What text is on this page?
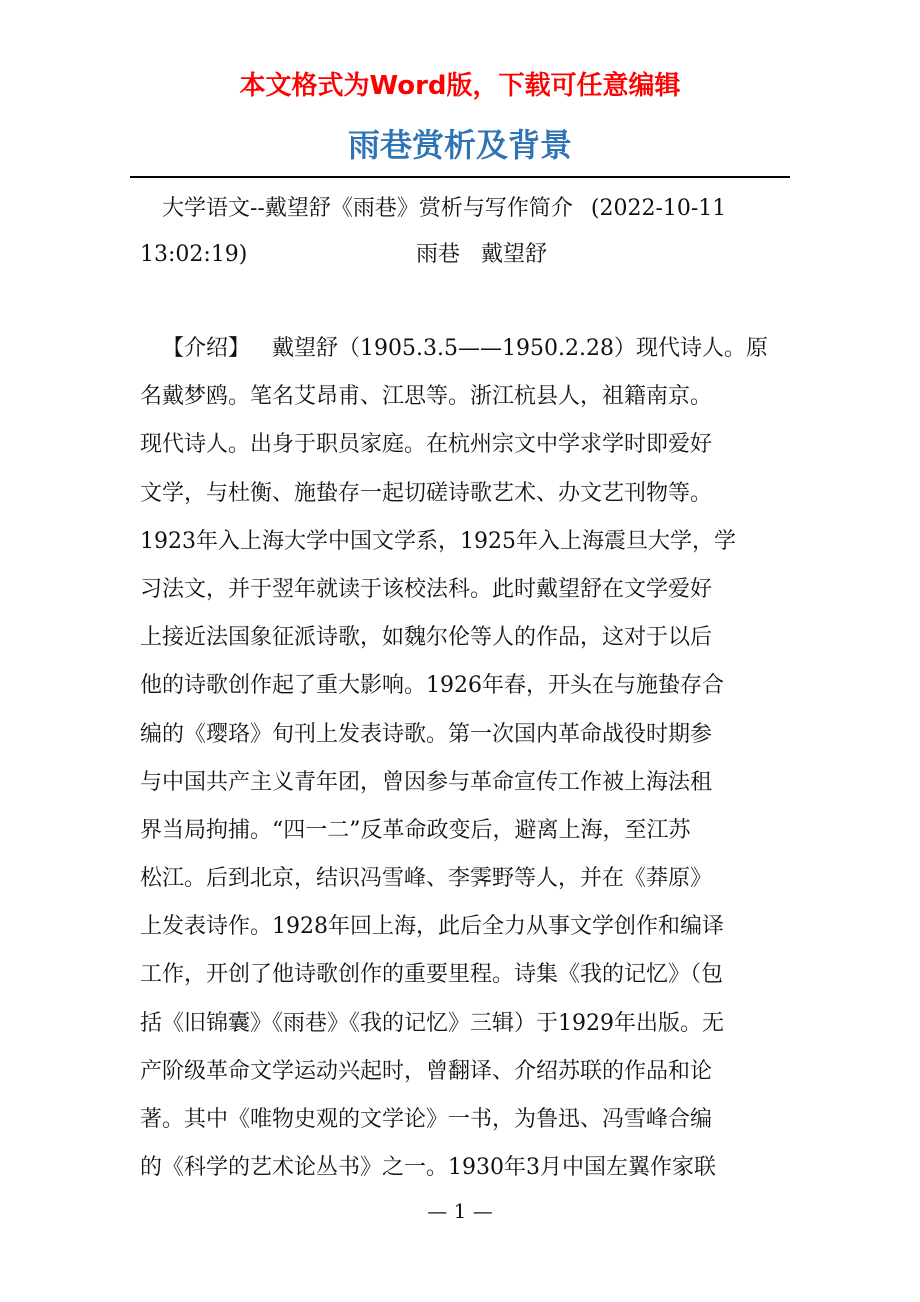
本文格式为Word版，下载可任意编辑
雨巷赏析及背景
大学语文--戴望舒《雨巷》赏析与写作简介 (2022-10-11
13:02:19)	雨巷 戴望舒
【介绍】 戴望舒（1905.3.5——1950.2.28）现代诗人。原
名戴梦鸥。笔名艾昂甫、江思等。浙江杭县人，祖籍南京。
现代诗人。出身于职员家庭。在杭州宗文中学求学时即爱好
文学，与杜衡、施蛰存一起切磋诗歌艺术、办文艺刊物等。
1923年入上海大学中国文学系，1925年入上海震旦大学，学
习法文，并于翌年就读于该校法科。此时戴望舒在文学爱好
上接近法国象征派诗歌，如魏尔伦等人的作品，这对于以后
他的诗歌创作起了重大影响。1926年春，开头在与施蛰存合
编的《璎珞》旬刊上发表诗歌。第一次国内革命战役时期参
与中国共产主义青年团，曾因参与革命宣传工作被上海法租
界当局拘捕。“四一二”反革命政变后，避离上海，至江苏
松江。后到北京，结识冯雪峰、李霁野等人，并在《莽原》
上发表诗作。1928年回上海，此后全力从事文学创作和编译
工作，开创了他诗歌创作的重要里程。诗集《我的记忆》（包
括《旧锦囊》《雨巷》《我的记忆》三辑）于1929年出版。无
产阶级革命文学运动兴起时，曾翻译、介绍苏联的作品和论
著。其中《唯物史观的文学论》一书，为鲁迅、冯雪峰合编
的《科学的艺术论丛书》之一。1930年3月中国左翼作家联
— 1 —
